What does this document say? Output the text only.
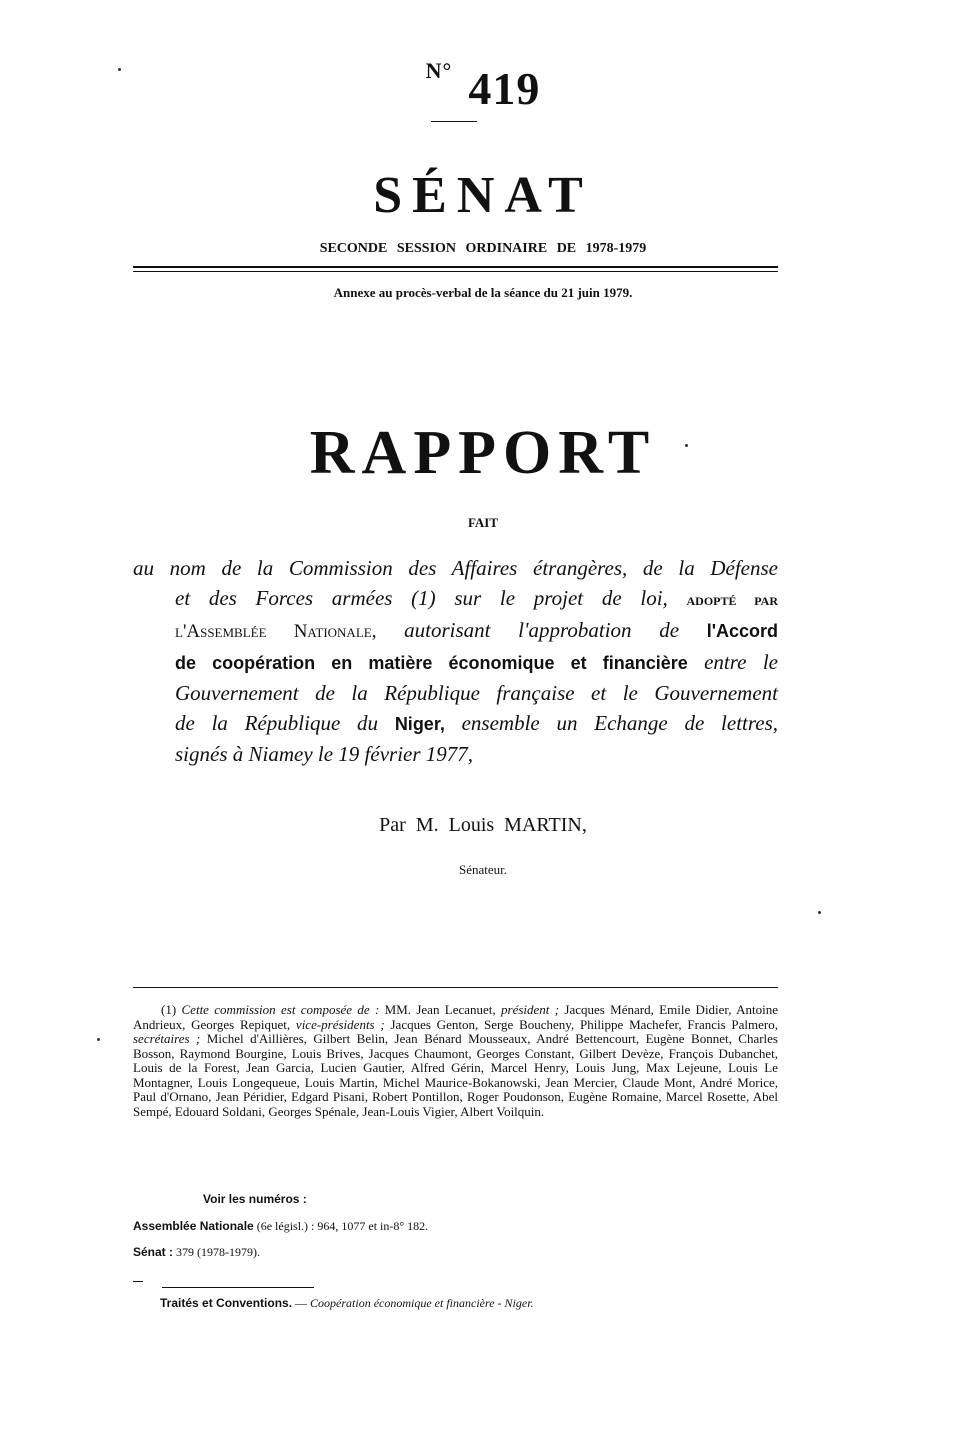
$^{N^\circ}$ 419
SÉNAT
SECONDE SESSION ORDINAIRE DE 1978-1979
Annexe au procès-verbal de la séance du 21 juin 1979.
RAPPORT
FAIT
au nom de la Commission des Affaires étrangères, de la Défense
et des Forces armées (1) sur le projet de loi, adopté par
l'Assemblée Nationale, autorisant l'approbation de l'Accord
de coopération en matière économique et financière entre le
Gouvernement de la République française et le Gouvernement
de la République du Niger, ensemble un Echange de lettres,
signés à Niamey le 19 février 1977,
Par M. Louis MARTIN,
Sénateur.
(1) Cette commission est composée de : MM. Jean Lecanuet, président ; Jacques Ménard, Emile Didier, Antoine Andrieux, Georges Repiquet, vice-présidents ; Jacques Genton, Serge Boucheny, Philippe Machefer, Francis Palmero, secrétaires ; Michel d'Aillières, Gilbert Belin, Jean Bénard Mousseaux, André Bettencourt, Eugène Bonnet, Charles Bosson, Raymond Bourgine, Louis Brives, Jacques Chaumont, Georges Constant, Gilbert Devèze, François Dubanchet, Louis de la Forest, Jean Garcia, Lucien Gautier, Alfred Gérin, Marcel Henry, Louis Jung, Max Lejeune, Louis Le Montagner, Louis Longequeue, Louis Martin, Michel Maurice-Bokanowski, Jean Mercier, Claude Mont, André Morice, Paul d'Ornano, Jean Péridier, Edgard Pisani, Robert Pontillon, Roger Poudonson, Eugène Romaine, Marcel Rosette, Abel Sempé, Edouard Soldani, Georges Spénale, Jean-Louis Vigier, Albert Voilquin.
Voir les numéros :
Assemblée Nationale (6e législ.) : 964, 1077 et in-8° 182.
Sénat : 379 (1978-1979).
Traités et Conventions. — Coopération économique et financière - Niger.
